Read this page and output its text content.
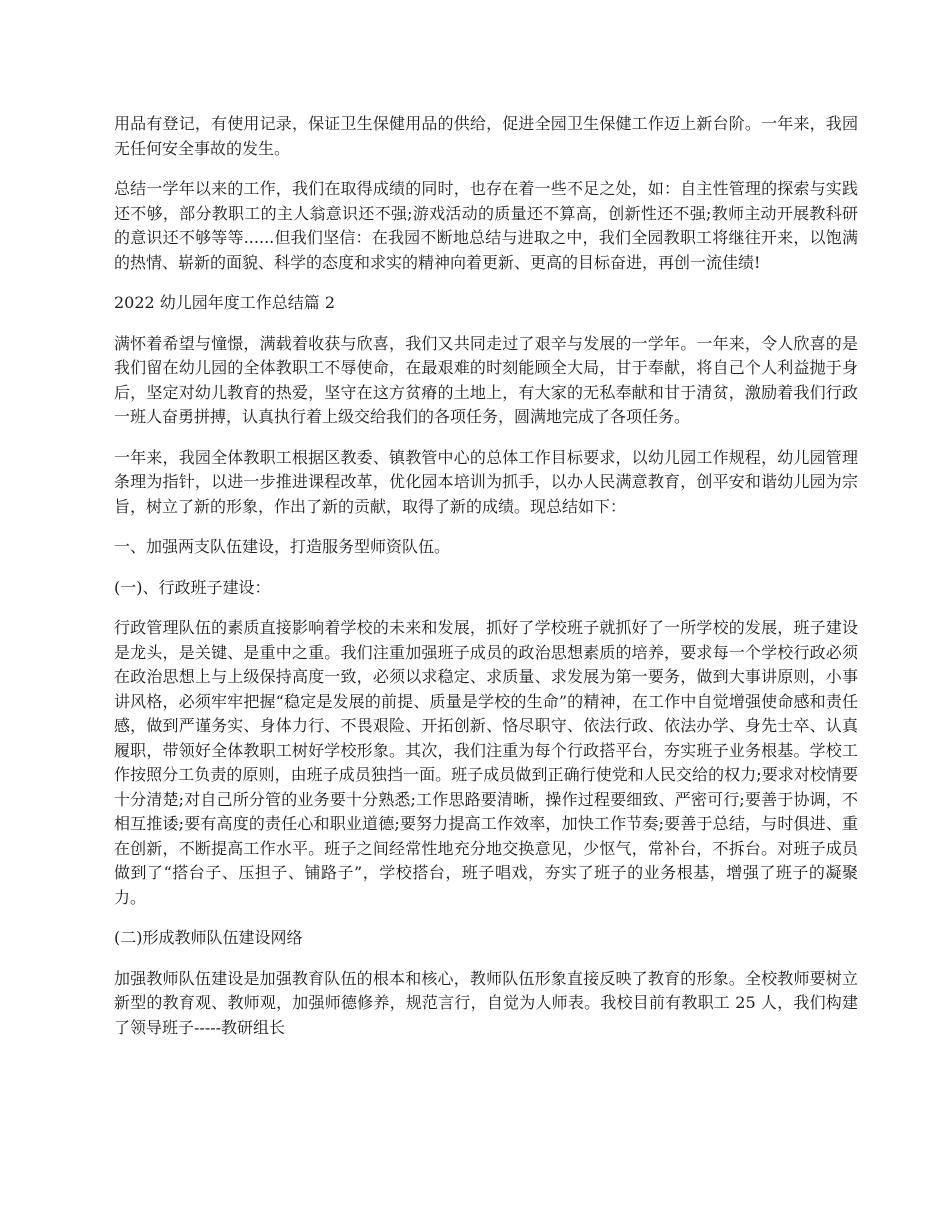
用品有登记，有使用记录，保证卫生保健用品的供给，促进全园卫生保健工作迈上新台阶。一年来，我园无任何安全事故的发生。

总结一学年以来的工作，我们在取得成绩的同时，也存在着一些不足之处，如：自主性管理的探索与实践还不够，部分教职工的主人翁意识还不强;游戏活动的质量还不算高，创新性还不强;教师主动开展教科研的意识还不够等等......但我们坚信：在我园不断地总结与进取之中，我们全园教职工将继往开来，以饱满的热情、崭新的面貌、科学的态度和求实的精神向着更新、更高的目标奋进，再创一流佳绩!

2022 幼儿园年度工作总结篇 2

满怀着希望与憧憬，满载着收获与欣喜，我们又共同走过了艰辛与发展的一学年。一年来，令人欣喜的是我们留在幼儿园的全体教职工不辱使命，在最艰难的时刻能顾全大局，甘于奉献，将自己个人利益抛于身后，坚定对幼儿教育的热爱，坚守在这方贫瘠的土地上，有大家的无私奉献和甘于清贫，激励着我们行政一班人奋勇拼搏，认真执行着上级交给我们的各项任务，圆满地完成了各项任务。

一年来，我园全体教职工根据区教委、镇教管中心的总体工作目标要求，以幼儿园工作规程，幼儿园管理条理为指针，以进一步推进课程改革，优化园本培训为抓手，以办人民满意教育，创平安和谐幼儿园为宗旨，树立了新的形象，作出了新的贡献，取得了新的成绩。现总结如下：

一、加强两支队伍建设，打造服务型师资队伍。

(一)、行政班子建设：

行政管理队伍的素质直接影响着学校的未来和发展，抓好了学校班子就抓好了一所学校的发展，班子建设是龙头，是关键、是重中之重。我们注重加强班子成员的政治思想素质的培养，要求每一个学校行政必须在政治思想上与上级保持高度一致，必须以求稳定、求质量、求发展为第一要务，做到大事讲原则，小事讲风格，必须牢牢把握“稳定是发展的前提、质量是学校的生命”的精神，在工作中自觉增强使命感和责任感，做到严谨务实、身体力行、不畏艰险、开拓创新、恪尽职守、依法行政、依法办学、身先士卒、认真履职，带领好全体教职工树好学校形象。其次，我们注重为每个行政搭平台，夯实班子业务根基。学校工作按照分工负责的原则，由班子成员独挡一面。班子成员做到正确行使党和人民交给的权力;要求对校情要十分清楚;对自己所分管的业务要十分熟悉;工作思路要清晰，操作过程要细致、严密可行;要善于协调，不相互推诿;要有高度的责任心和职业道德;要努力提高工作效率，加快工作节奏;要善于总结，与时俱进、重在创新，不断提高工作水平。班子之间经常性地充分地交换意见，少怄气，常补台，不拆台。对班子成员做到了“搭台子、压担子、铺路子”，学校搭台，班子唱戏，夯实了班子的业务根基，增强了班子的凝聚力。

(二)形成教师队伍建设网络

加强教师队伍建设是加强教育队伍的根本和核心，教师队伍形象直接反映了教育的形象。全校教师要树立新型的教育观、教师观，加强师德修养，规范言行，自觉为人师表。我校目前有教职工 25 人，我们构建了领导班子-----教研组长
